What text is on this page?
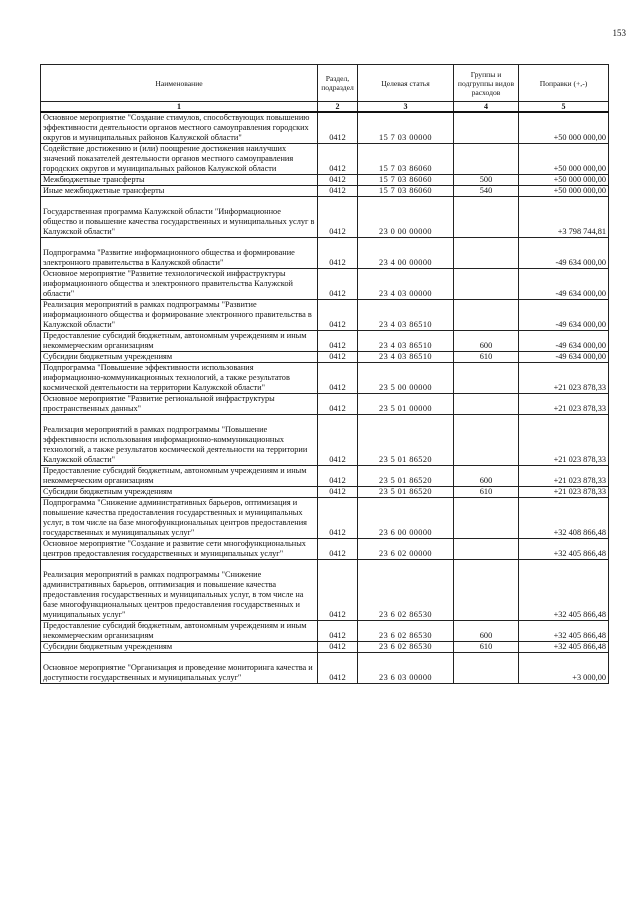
153
Наименование	Раздел, подраздел	Целевая статья	Группы и подгруппы видов расходов	Поправки (+,-)
1	2	3	4	5
Основное мероприятие "Создание стимулов, способствующих повышению эффективности деятельности органов местного самоуправления городских округов и муниципальных районов Калужской области"	0412	15 7 03 00000		+50 000 000,00
Содействие достижению и (или) поощрение достижения наилучших значений показателей деятельности органов местного самоуправления городских округов и муниципальных районов Калужской области	0412	15 7 03 86060		+50 000 000,00
Межбюджетные трансферты	0412	15 7 03 86060	500	+50 000 000,00
Иные межбюджетные трансферты	0412	15 7 03 86060	540	+50 000 000,00

Государственная программа Калужской области "Информационное общество и повышение качества государственных и муниципальных услуг в Калужской области"	0412	23 0 00 00000		+3 798 744,81

Подпрограмма "Развитие информационного общества и формирование электронного правительства в Калужской области"	0412	23 4 00 00000		-49 634 000,00
Основное мероприятие "Развитие технологической инфраструктуры информационного общества и электронного правительства Калужской области"	0412	23 4 03 00000		-49 634 000,00
Реализация мероприятий в рамках подпрограммы "Развитие информационного общества и формирование электронного правительства в Калужской области"	0412	23 4 03 86510		-49 634 000,00
Предоставление субсидий бюджетным, автономным учреждениям и иным некоммерческим организациям	0412	23 4 03 86510	600	-49 634 000,00
Субсидии бюджетным учреждениям	0412	23 4 03 86510	610	-49 634 000,00
Подпрограмма "Повышение эффективности использования информационно-коммуникационных технологий, а также результатов космической деятельности на территории Калужской области"	0412	23 5 00 00000		+21 023 878,33
Основное мероприятие "Развитие региональной инфраструктуры пространственных данных"	0412	23 5 01 00000		+21 023 878,33

Реализация мероприятий в рамках подпрограммы "Повышение эффективности использования информационно-коммуникационных технологий, а также результатов космической деятельности на территории Калужской области"	0412	23 5 01 86520		+21 023 878,33
Предоставление субсидий бюджетным, автономным учреждениям и иным некоммерческим организациям	0412	23 5 01 86520	600	+21 023 878,33
Субсидии бюджетным учреждениям	0412	23 5 01 86520	610	+21 023 878,33
Подпрограмма "Снижение административных барьеров, оптимизация и повышение качества предоставления государственных и муниципальных услуг, в том числе на базе многофункциональных центров предоставления государственных и муниципальных услуг"	0412	23 6 00 00000		+32 408 866,48
Основное мероприятие "Создание и развитие сети многофункциональных центров предоставления государственных и муниципальных услуг"	0412	23 6 02 00000		+32 405 866,48

Реализация мероприятий в рамках подпрограммы "Снижение административных барьеров, оптимизация и повышение качества предоставления государственных и муниципальных услуг, в том числе на базе многофункциональных центров предоставления государственных и муниципальных услуг"	0412	23 6 02 86530		+32 405 866,48
Предоставление субсидий бюджетным, автономным учреждениям и иным некоммерческим организациям	0412	23 6 02 86530	600	+32 405 866,48
Субсидии бюджетным учреждениям	0412	23 6 02 86530	610	+32 405 866,48

Основное мероприятие "Организация и проведение мониторинга качества и доступности государственных и муниципальных услуг"	0412	23 6 03 00000		+3 000,00
